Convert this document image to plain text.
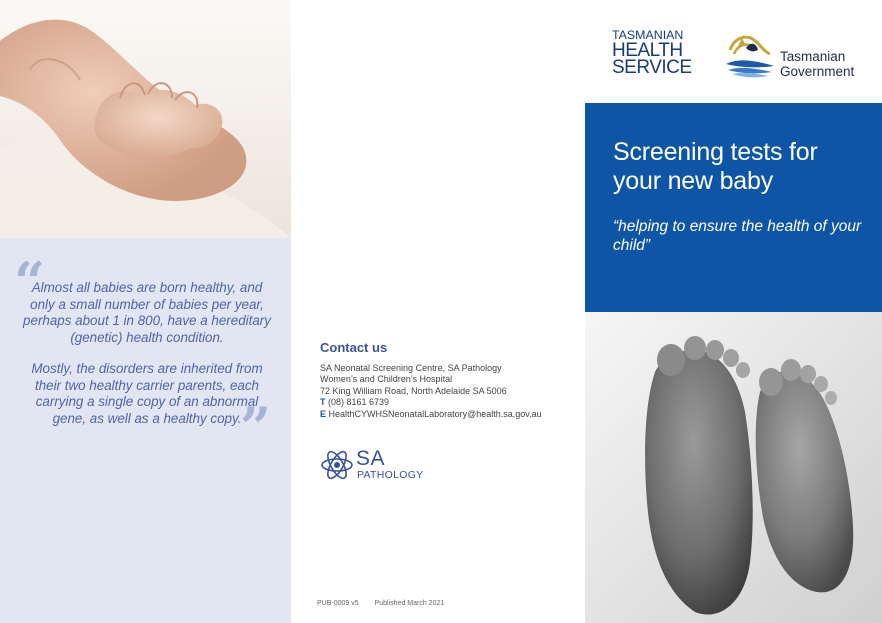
“
Almost all babies are born healthy, and only a small number of babies per year, perhaps about 1 in 800, have a hereditary (genetic) health condition.
Mostly, the disorders are inherited from their two healthy carrier parents, each carrying a single copy of an abnormal gene, as well as a healthy copy.
”
Contact us
SA Neonatal Screening Centre, SA Pathology
Women’s and Children’s Hospital
72 King William Road, North Adelaide SA 5006
T (08) 8161 6739
E HealthCYWHSNeonatalLaboratory@health.sa.gov.au
SA
PATHOLOGY
PUB-0009 v5 Published March 2021
TASMANIAN
HEALTH
SERVICE
Tasmanian
Government
Screening tests for your new baby
“helping to ensure the health of your child”
